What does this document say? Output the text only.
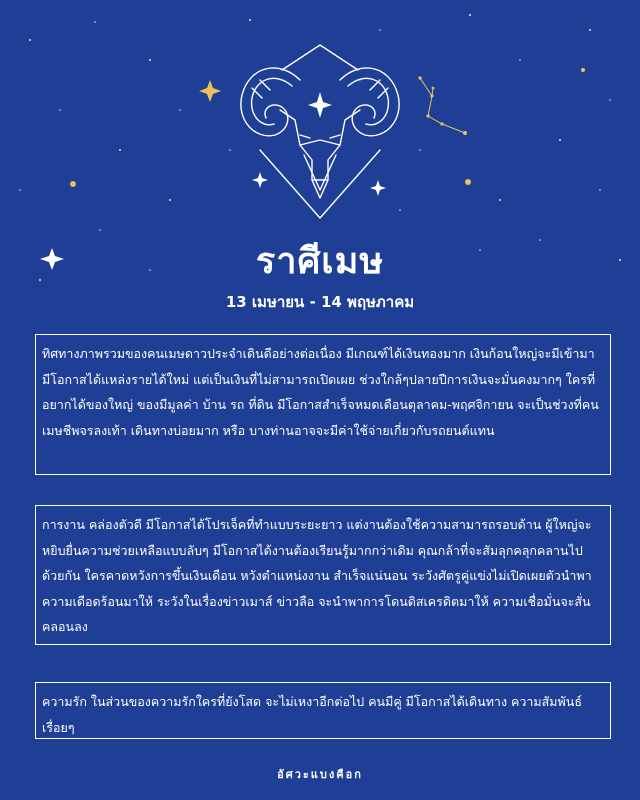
ราศีเมษ
13 เมษายน - 14 พฤษภาคม
ทิศทางภาพรวมของคนเมษดาวประจำเดินดีอย่างต่อเนื่อง มีเกณฑ์ได้เงินทองมาก เงินก้อนใหญ่จะมีเข้ามา มีโอกาสได้แหล่งรายได้ใหม่ แต่เป็นเงินที่ไม่สามารถเปิดเผย ช่วงใกล้ๆปลายปีการเงินจะมั่นคงมากๆ ใครที่อยากได้ของใหญ่ ของมีมูลค่า บ้าน รถ ที่ดิน มีโอกาสสำเร็จหมดเดือนตุลาคม-พฤศจิกายน จะเป็นช่วงที่คนเมษชีพจรลงเท้า เดินทางบ่อยมาก หรือ บางท่านอาจจะมีค่าใช้จ่ายเกี่ยวกับรถยนต์แทน
การงาน คล่องตัวดี มีโอกาสได้โปรเจ็คที่ทำแบบระยะยาว แต่งานต้องใช้ความสามารถรอบด้าน ผู้ใหญ่จะหยิบยื่นความช่วยเหลือแบบลับๆ มีโอกาสได้งานต้องเรียนรู้มากกว่าเดิม คุณกล้าที่จะสัมลุกคลุกคลานไปด้วยกัน ใครคาดหวังการขึ้นเงินเดือน หวังตำแหน่งงาน สำเร็จแน่นอน ระวังศัตรูคู่แข่งไม่เปิดเผยตัวนำพาความเดือดร้อนมาให้ ระวังในเรื่องข่าวเมาส์ ข่าวลือ จะนำพาการโดนดิสเครดิตมาให้ ความเชื่อมั่นจะสั่นคลอนลง
ความรัก ในส่วนของความรักใครที่ยังโสด จะไม่เหงาอีกต่อไป คนมีคู่ มีโอกาสได้เดินทาง ความสัมพันธ์เรื่อยๆ
อัศวะแบงคือก
